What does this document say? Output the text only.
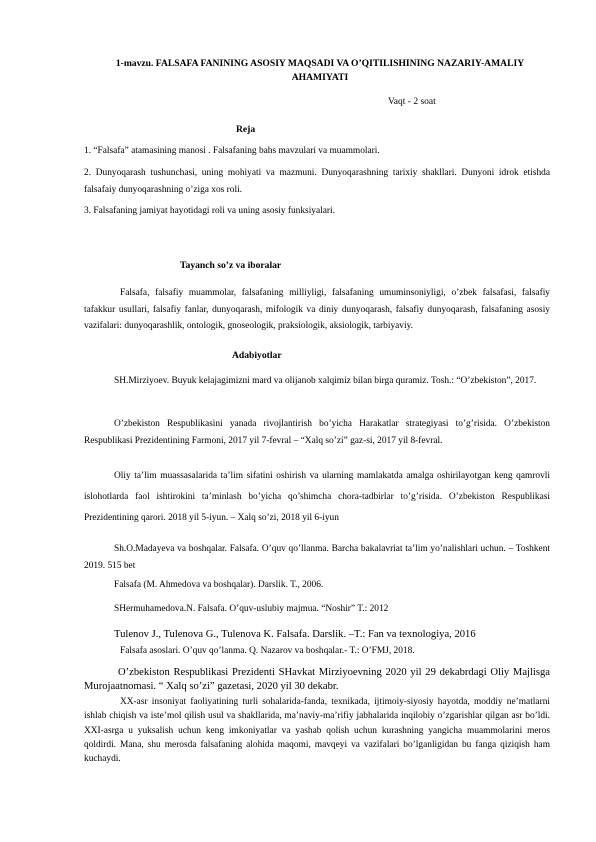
1-mavzu. FALSAFA FANINING ASOSIY MAQSADI VA O’QITILISHINING NAZARIY-AMALIY AHAMIYATI
Vaqt - 2 soat
Reja
1. “Falsafa” atamasining manosi . Falsafaning bahs mavzulari va muammolari.
2. Dunyoqarash tushunchasi, uning mohiyati va mazmuni. Dunyoqarashning tarixiy shakllari. Dunyoni idrok etishda falsafaiy dunyoqarashning o’ziga xos roli.
3. Falsafaning jamiyat hayotidagi roli va uning asosiy funksiyalari.
Tayanch so’z va iboralar
Falsafa, falsafiy muammolar, falsafaning milliyligi, falsafaning umuminsoniyligi, o’zbek falsafasi, falsafiy tafakkur usullari, falsafiy fanlar, dunyoqarash, mifologik va diniy dunyoqarash, falsafiy dunyoqarash, falsafaning asosiy vazifalari: dunyoqarashlik, ontologik, gnoseologik, praksiologik, aksiologik, tarbiyaviy.
Adabiyotlar
SH.Mirziyoev. Buyuk kelajagimizni mard va olijanob xalqimiz bilan birga quramiz. Tosh.: “O’zbekiston”, 2017.
O’zbekiston Respublikasini yanada rivojlantirish bo’yicha Harakatlar strategiyasi to’g’risida. O’zbekiston Respublikasi Prezidentining Farmoni, 2017 yil 7-fevral – “Xalq so’zi” gaz-si, 2017 yil 8-fevral.
Oliy ta’lim muassasalarida ta’lim sifatini oshirish va ularning mamlakatda amalga oshirilayotgan keng qamrovli islohotlarda faol ishtirokini ta’minlash bo’yicha qo’shimcha chora-tadbirlar to’g’risida. O’zbekiston Respublikasi Prezidentining qarori. 2018 yil 5-iyun. – Xalq so’zi, 2018 yil 6-iyun
Sh.O.Madayeva va boshqalar. Falsafa. O’quv qo’llanma. Barcha bakalavriat ta’lim yo’nalishlari uchun. – Toshkent 2019. 515 bet
Falsafa (M. Ahmedova va boshqalar). Darslik. T., 2006.
SHermuhamedova.N. Falsafa. O’quv-uslubiy majmua. “Noshir” T.: 2012
Tulenov J., Tulenova G., Tulenova K. Falsafa. Darslik. –T.: Fan va texnologiya, 2016
Falsafa asoslari. O’quv qo’lanma. Q. Nazarov va boshqalar.- T.: O’FMJ, 2018.
O’zbekiston Respublikasi Prezidenti SHavkat Mirziyoevning 2020 yil 29 dekabrdagi Oliy Majlisga Murojaatnomasi. “ Xalq so’zi” gazetasi, 2020 yil 30 dekabr.
XX-asr insoniyat faoliyatining turli sohalarida-fanda, texnikada, ijtimoiy-siyosiy hayotda, moddiy ne’matlarni ishlab chiqish va iste’mol qilish usul va shakllarida, ma’naviy-ma’rifiy jabhalarida inqilobiy o’zgarishlar qilgan asr bo’ldi. XXI-asrga u yuksalish uchun keng imkoniyatlar va yashab qolish uchun kurashning yangicha muammolarini meros qoldirdi. Mana, shu merosda falsafaning alohida maqomi, mavqeyi va vazifalari bo’lganligidan bu fanga qiziqish ham kuchaydi.
